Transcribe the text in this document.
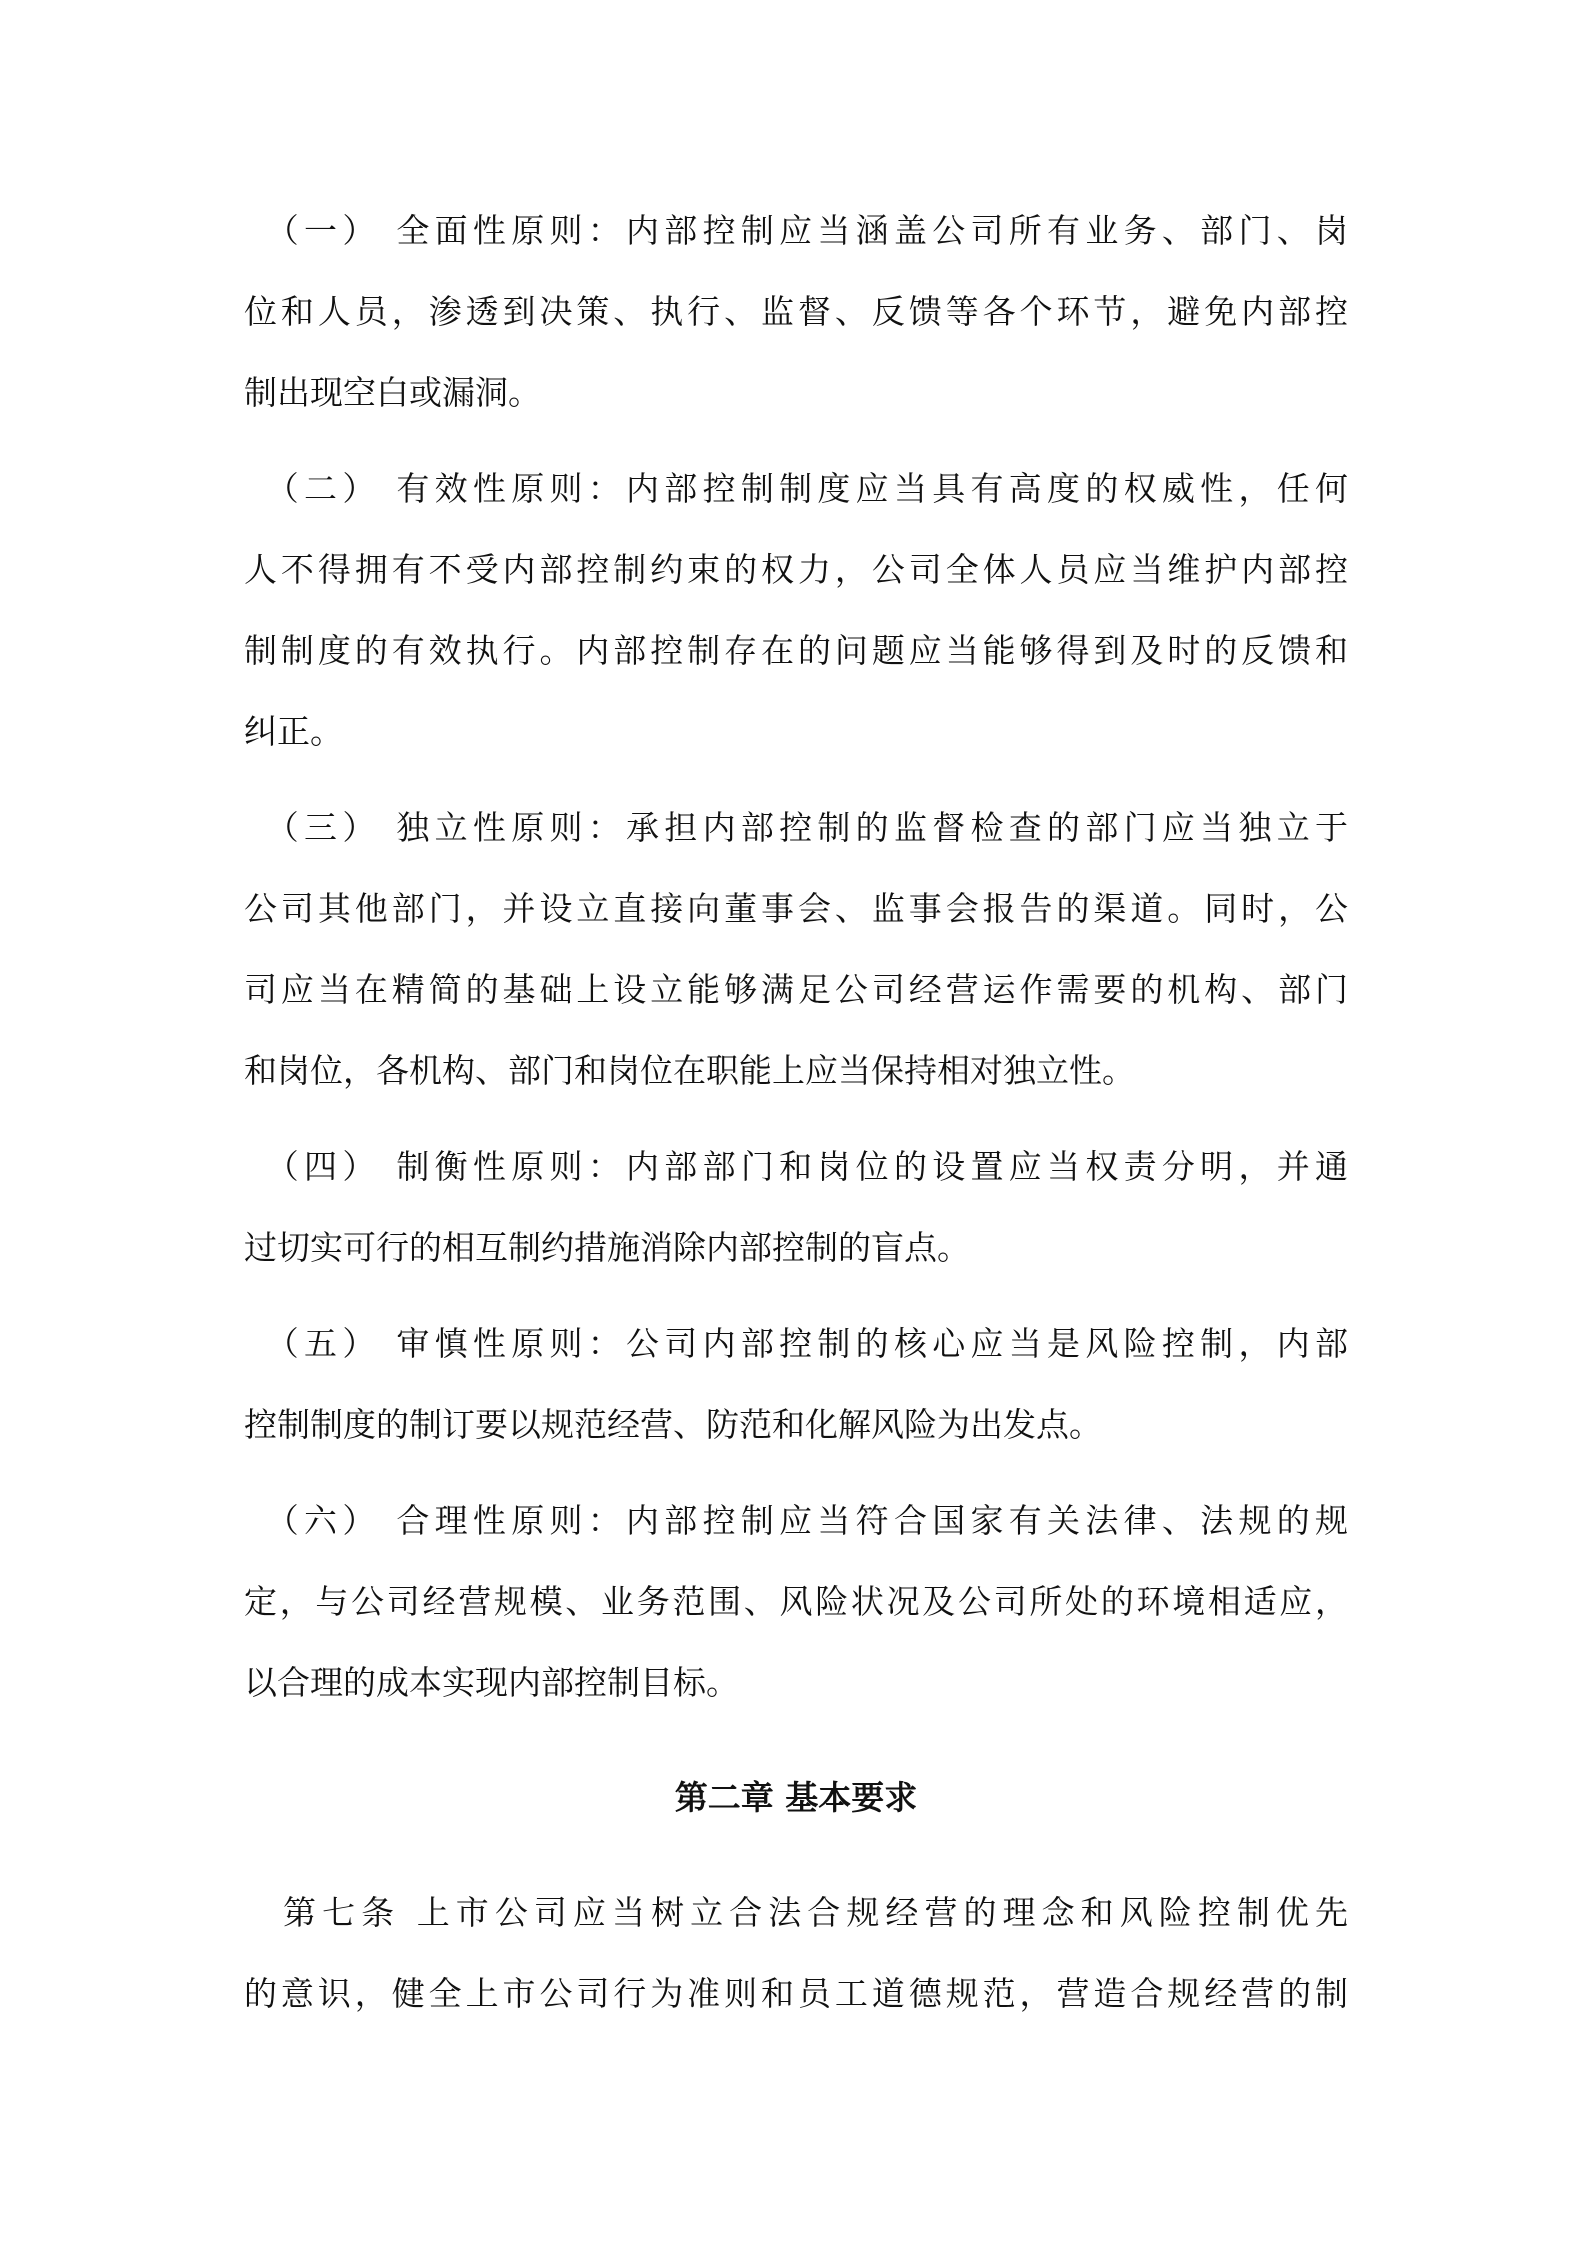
　（一） 全面性原则：内部控制应当涵盖公司所有业务、部门、岗
位和人员，渗透到决策、执行、监督、反馈等各个环节，避免内部控
制出现空白或漏洞。
　（二） 有效性原则：内部控制制度应当具有高度的权威性，任何
人不得拥有不受内部控制约束的权力，公司全体人员应当维护内部控
制制度的有效执行。内部控制存在的问题应当能够得到及时的反馈和
纠正。
　（三） 独立性原则：承担内部控制的监督检查的部门应当独立于
公司其他部门，并设立直接向董事会、监事会报告的渠道。同时，公
司应当在精简的基础上设立能够满足公司经营运作需要的机构、部门
和岗位，各机构、部门和岗位在职能上应当保持相对独立性。
　（四） 制衡性原则：内部部门和岗位的设置应当权责分明，并通
过切实可行的相互制约措施消除内部控制的盲点。
　（五） 审慎性原则：公司内部控制的核心应当是风险控制，内部
控制制度的制订要以规范经营、防范和化解风险为出发点。
　（六） 合理性原则：内部控制应当符合国家有关法律、法规的规
定，与公司经营规模、业务范围、风险状况及公司所处的环境相适应，
以合理的成本实现内部控制目标。
第二章 基本要求
　第七条 上市公司应当树立合法合规经营的理念和风险控制优先
的意识，健全上市公司行为准则和员工道德规范，营造合规经营的制
